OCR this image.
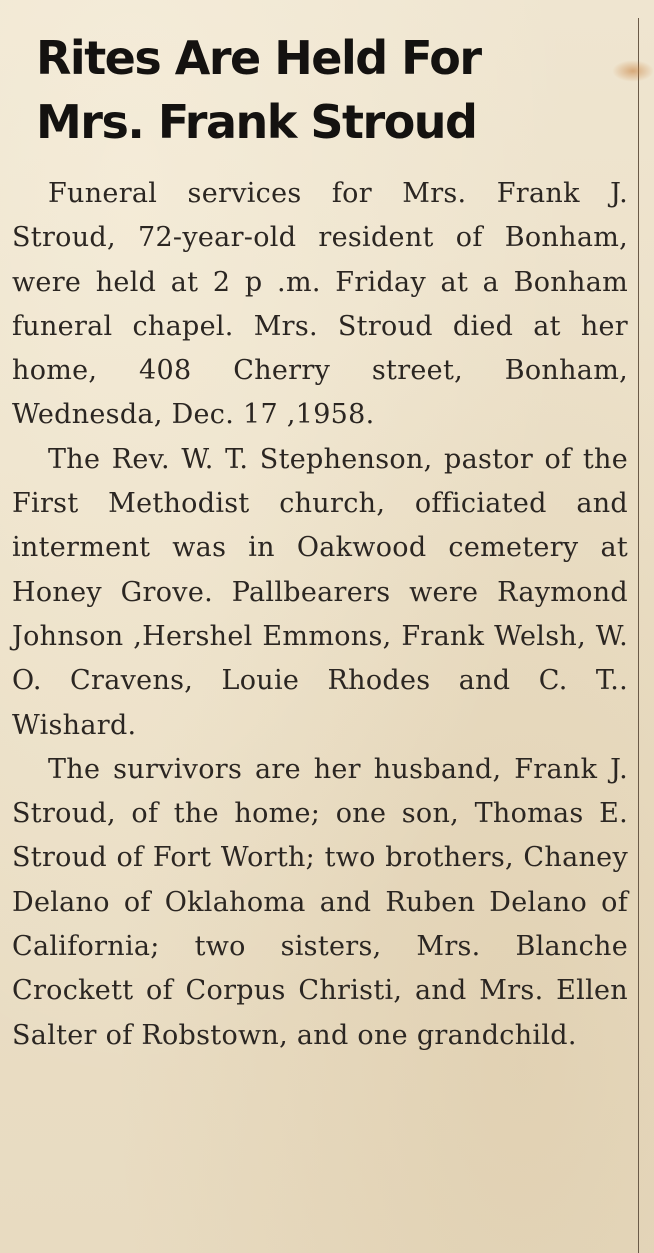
Rites Are Held For
Mrs. Frank Stroud

Funeral services for Mrs. Frank J. Stroud, 72-year-old resident of Bonham, were held at 2 p .m. Friday at a Bonham funeral chapel. Mrs. Stroud died at her home, 408 Cherry street, Bonham, Wednesda, Dec. 17 ,1958.

The Rev. W. T. Stephenson, pastor of the First Methodist church, officiated and interment was in Oakwood cemetery at Honey Grove. Pallbearers were Raymond Johnson ,Hershel Emmons, Frank Welsh, W. O. Cravens, Louie Rhodes and C. T.. Wishard.

The survivors are her husband, Frank J. Stroud, of the home; one son, Thomas E. Stroud of Fort Worth; two brothers, Chaney Delano of Oklahoma and Ruben Delano of California; two sisters, Mrs. Blanche Crockett of Corpus Christi, and Mrs. Ellen Salter of Robstown, and one grandchild.
